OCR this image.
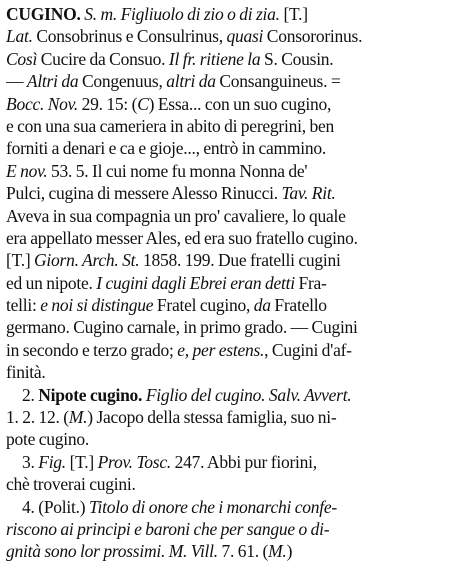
CUGINO. S. m. Figliuolo di zio o di zia. [T.]
Lat. Consobrinus e Consulrinus, quasi Consororinus.
Così Cucire da Consuo. Il fr. ritiene la S. Cousin.
— Altri da Congenuus, altri da Consanguineus. =
Bocc. Nov. 29. 15: (C) Essa... con un suo cugino,
e con una sua cameriera in abito di peregrini, ben
forniti a denari e ca e gioje..., entrò in cammino.
E nov. 53. 5. Il cui nome fu monna Nonna de'
Pulci, cugina di messere Alesso Rinucci. Tav. Rit.
Aveva in sua compagnia un pro' cavaliere, lo quale
era appellato messer Ales, ed era suo fratello cugino.
[T.] Giorn. Arch. St. 1858. 199. Due fratelli cugini
ed un nipote. I cugini dagli Ebrei eran detti Fra-
telli: e noi si distingue Fratel cugino, da Fratello
germano. Cugino carnale, in primo grado. — Cugini
in secondo e terzo grado; e, per estens., Cugini d'af-
finità.
2. Nipote cugino. Figlio del cugino. Salv. Avvert.
1. 2. 12. (M.) Jacopo della stessa famiglia, suo ni-
pote cugino.
3. Fig. [T.] Prov. Tosc. 247. Abbi pur fiorini,
chè troverai cugini.
4. (Polit.) Titolo di onore che i monarchi confe-
riscono ai principi e baroni che per sangue o di-
gnità sono lor prossimi. M. Vill. 7. 61. (M.)
